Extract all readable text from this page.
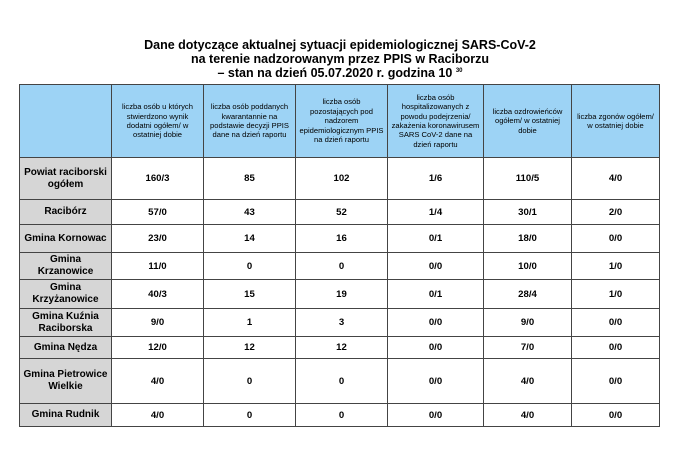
Dane dotyczące aktualnej sytuacji epidemiologicznej SARS-CoV-2
na terenie nadzorowanym przez PPIS w Raciborzu
– stan na dzień 05.07.2020 r. godzina 10 $^{30}$
	liczba osób u których stwierdzono wynik dodatni ogółem/ w ostatniej dobie	liczba osób poddanych kwarantannie na podstawie decyzji PPIS dane na dzień raportu	liczba osób pozostających pod nadzorem epidemiologicznym PPIS na dzień raportu	liczba osób hospitalizowanych z powodu podejrzenia/ zakażenia koronawirusem SARS CoV-2 dane na dzień raportu	liczba ozdrowieńców ogółem/ w ostatniej dobie	liczba zgonów ogółem/ w ostatniej dobie
Powiat raciborski ogółem	160/3	85	102	1/6	110/5	4/0
Racibórz	57/0	43	52	1/4	30/1	2/0
Gmina Kornowac	23/0	14	16	0/1	18/0	0/0
Gmina Krzanowice	11/0	0	0	0/0	10/0	1/0
Gmina Krzyżanowice	40/3	15	19	0/1	28/4	1/0
Gmina Kuźnia Raciborska	9/0	1	3	0/0	9/0	0/0
Gmina Nędza	12/0	12	12	0/0	7/0	0/0
Gmina Pietrowice Wielkie	4/0	0	0	0/0	4/0	0/0
Gmina Rudnik	4/0	0	0	0/0	4/0	0/0
